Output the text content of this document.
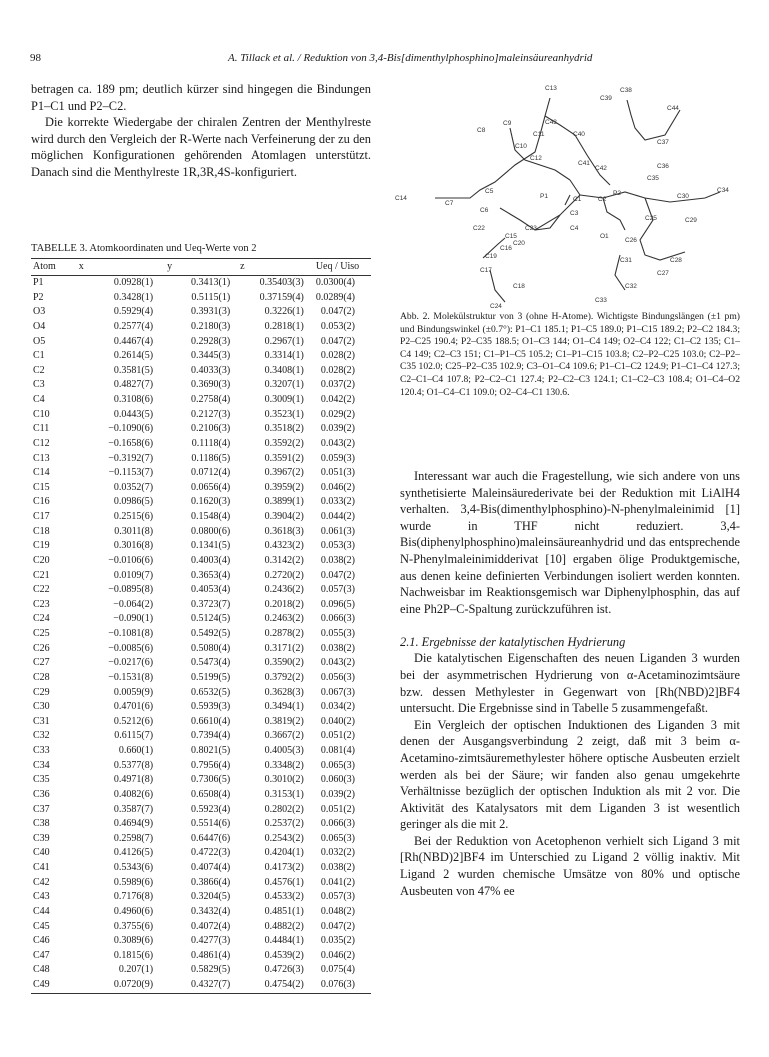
98	A. Tillack et al. / Reduktion von 3,4-Bis[dimenthylphosphino]maleinsäureanhydrid

betragen ca. 189 pm; deutlich kürzer sind hingegen die Bindungen P1–C1 und P2–C2.

Die korrekte Wiedergabe der chiralen Zentren der Menthylreste wird durch den Vergleich der R-Werte nach Verfeinerung der zu den möglichen Konfigurationen gehörenden Atomlagen unterstützt. Danach sind die Menthylreste 1R,3R,4S-konfiguriert.

TABELLE 3. Atomkoordinaten und Ueq-Werte von 2
Atom	x	y	z	Ueq / Uiso
P1	0.0928(1)	0.3413(1)	0.35403(3)	0.0300(4)
P2	0.3428(1)	0.5115(1)	0.37159(4)	0.0289(4)
O3	0.5929(4)	0.3931(3)	0.3226(1)	0.047(2)
O4	0.2577(4)	0.2180(3)	0.2818(1)	0.053(2)
O5	0.4467(4)	0.2928(3)	0.2967(1)	0.047(2)
C1	0.2614(5)	0.3445(3)	0.3314(1)	0.028(2)
C2	0.3581(5)	0.4033(3)	0.3408(1)	0.028(2)
C3	0.4827(7)	0.3690(3)	0.3207(1)	0.037(2)
C4	0.3108(6)	0.2758(4)	0.3009(1)	0.042(2)
C10	0.0443(5)	0.2127(3)	0.3523(1)	0.029(2)
C11	−0.1090(6)	0.2106(3)	0.3518(2)	0.039(2)
C12	−0.1658(6)	0.1118(4)	0.3592(2)	0.043(2)
C13	−0.3192(7)	0.1186(5)	0.3591(2)	0.059(3)
C14	−0.1153(7)	0.0712(4)	0.3967(2)	0.051(3)
C15	0.0352(7)	0.0656(4)	0.3959(2)	0.046(2)
C16	0.0986(5)	0.1620(3)	0.3899(1)	0.033(2)
C17	0.2515(6)	0.1548(4)	0.3904(2)	0.044(2)
C18	0.3011(8)	0.0800(6)	0.3618(3)	0.061(3)
C19	0.3016(8)	0.1341(5)	0.4323(2)	0.053(3)
C20	−0.0106(6)	0.4003(4)	0.3142(2)	0.038(2)
C21	0.0109(7)	0.3653(4)	0.2720(2)	0.047(2)
C22	−0.0895(8)	0.4053(4)	0.2436(2)	0.057(3)
C23	−0.064(2)	0.3723(7)	0.2018(2)	0.096(5)
C24	−0.090(1)	0.5124(5)	0.2463(2)	0.066(3)
C25	−0.1081(8)	0.5492(5)	0.2878(2)	0.055(3)
C26	−0.0085(6)	0.5080(4)	0.3171(2)	0.038(2)
C27	−0.0217(6)	0.5473(4)	0.3590(2)	0.043(2)
C28	−0.1531(8)	0.5199(5)	0.3792(2)	0.056(3)
C29	0.0059(9)	0.6532(5)	0.3628(3)	0.067(3)
C30	0.4701(6)	0.5939(3)	0.3494(1)	0.034(2)
C31	0.5212(6)	0.6610(4)	0.3819(2)	0.040(2)
C32	0.6115(7)	0.7394(4)	0.3667(2)	0.051(2)
C33	0.660(1)	0.8021(5)	0.4005(3)	0.081(4)
C34	0.5377(8)	0.7956(4)	0.3348(2)	0.065(3)
C35	0.4971(8)	0.7306(5)	0.3010(2)	0.060(3)
C36	0.4082(6)	0.6508(4)	0.3153(1)	0.039(2)
C37	0.3587(7)	0.5923(4)	0.2802(2)	0.051(2)
C38	0.4694(9)	0.5514(6)	0.2537(2)	0.066(3)
C39	0.2598(7)	0.6447(6)	0.2543(2)	0.065(3)
C40	0.4126(5)	0.4722(3)	0.4204(1)	0.032(2)
C41	0.5343(6)	0.4074(4)	0.4173(2)	0.038(2)
C42	0.5989(6)	0.3866(4)	0.4576(1)	0.041(2)
C43	0.7176(8)	0.3204(5)	0.4533(2)	0.057(3)
C44	0.4960(6)	0.3432(4)	0.4851(1)	0.048(2)
C45	0.3755(6)	0.4072(4)	0.4882(2)	0.047(2)
C46	0.3089(6)	0.4277(3)	0.4484(1)	0.035(2)
C47	0.1815(6)	0.4861(4)	0.4539(2)	0.046(2)
C48	0.207(1)	0.5829(5)	0.4726(3)	0.075(4)
C49	0.0720(9)	0.4327(7)	0.4754(2)	0.076(3)
C13	C38
C39
C44
C8
C9	C43
C11
C10
C40
C37
C12
C41
C42	C36
C14
C7
C35
C5
P1
C6
C1	C2
P2
C22
C3
C30
C34
C15
C4
C23
C25	C29
C20
O1
C26
C19
C16
C31	C28
C17	C27
C18	C32
C33
C24
Abb. 2. Molekülstruktur von 3 (ohne H-Atome). Wichtigste Bindungslängen (±1 pm) und Bindungswinkel (±0.7°): P1–C1 185.1; P1–C5 189.0; P1–C15 189.2; P2–C2 184.3; P2–C25 190.4; P2–C35 188.5; O1–C3 144; O1–C4 149; O2–C4 122; C1–C2 135; C1–C4 149; C2–C3 151; C1–P1–C5 105.2; C1–P1–C15 103.8; C2–P2–C25 103.0; C2–P2–C35 102.0; C25–P2–C35 102.9; C3–O1–C4 109.6; P1–C1–C2 124.9; P1–C1–C4 127.3; C2–C1–C4 107.8; P2–C2–C1 127.4; P2–C2–C3 124.1; C1–C2–C3 108.4; O1–C4–O2 120.4; O1–C4–C1 109.0; O2–C4–C1 130.6.

Interessant war auch die Fragestellung, wie sich andere von uns synthetisierte Maleinsäurederivate bei der Reduktion mit LiAlH4 verhalten. 3,4-Bis(dimenthylphosphino)-N-phenylmaleinimid [1] wurde in THF nicht reduziert. 3,4-Bis(diphenylphosphino)maleinsäureanhydrid und das entsprechende N-Phenylmaleinimidderivat [10] ergaben ölige Produktgemische, aus denen keine definierten Verbindungen isoliert werden konnten. Nachweisbar im Reaktionsgemisch war Diphenylphosphin, das auf eine Ph2P–C-Spaltung zurückzuführen ist.

2.1. Ergebnisse der katalytischen Hydrierung

Die katalytischen Eigenschaften des neuen Liganden 3 wurden bei der asymmetrischen Hydrierung von α-Acetaminozimtsäure bzw. dessen Methylester in Gegenwart von [Rh(NBD)2]BF4 untersucht. Die Ergebnisse sind in Tabelle 5 zusammengefaßt.

Ein Vergleich der optischen Induktionen des Liganden 3 mit denen der Ausgangsverbindung 2 zeigt, daß mit 3 beim α-Acetamino-zimtsäuremethylester höhere optische Ausbeuten erzielt werden als bei der Säure; wir fanden also genau umgekehrte Verhältnisse bezüglich der optischen Induktion als mit 2 vor. Die Aktivität des Katalysators mit dem Liganden 3 ist wesentlich geringer als die mit 2.

Bei der Reduktion von Acetophenon verhielt sich Ligand 3 mit [Rh(NBD)2]BF4 im Unterschied zu Ligand 2 völlig inaktiv. Mit Ligand 2 wurden chemische Umsätze von 80% und optische Ausbeuten von 47% ee
